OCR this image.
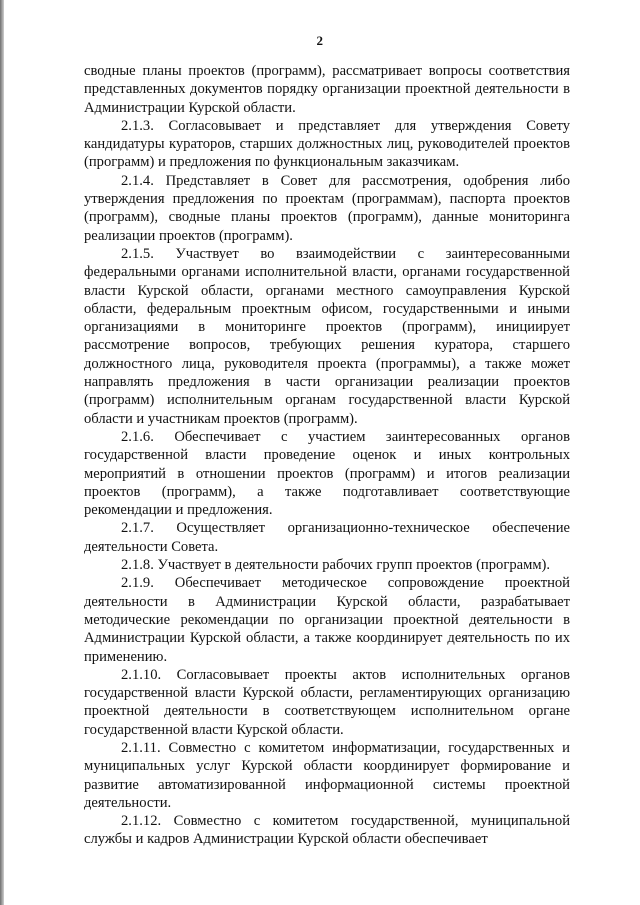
2

сводные планы проектов (программ), рассматривает вопросы соответствия представленных документов порядку организации проектной деятельности в Администрации Курской области.

2.1.3. Согласовывает и представляет для утверждения Совету кандидатуры кураторов, старших должностных лиц, руководителей проектов (программ) и предложения по функциональным заказчикам.

2.1.4. Представляет в Совет для рассмотрения, одобрения либо утверждения предложения по проектам (программам), паспорта проектов (программ), сводные планы проектов (программ), данные мониторинга реализации проектов (программ).

2.1.5. Участвует во взаимодействии с заинтересованными федеральными органами исполнительной власти, органами государственной власти Курской области, органами местного самоуправления Курской области, федеральным проектным офисом, государственными и иными организациями в мониторинге проектов (программ), инициирует рассмотрение вопросов, требующих решения куратора, старшего должностного лица, руководителя проекта (программы), а также может направлять предложения в части организации реализации проектов (программ) исполнительным органам государственной власти Курской области и участникам проектов (программ).

2.1.6. Обеспечивает с участием заинтересованных органов государственной власти проведение оценок и иных контрольных мероприятий в отношении проектов (программ) и итогов реализации проектов (программ), а также подготавливает соответствующие рекомендации и предложения.

2.1.7. Осуществляет организационно-техническое обеспечение деятельности Совета.

2.1.8. Участвует в деятельности рабочих групп проектов (программ).

2.1.9. Обеспечивает методическое сопровождение проектной деятельности в Администрации Курской области, разрабатывает методические рекомендации по организации проектной деятельности в Администрации Курской области, а также координирует деятельность по их применению.

2.1.10. Согласовывает проекты актов исполнительных органов государственной власти Курской области, регламентирующих организацию проектной деятельности в соответствующем исполнительном органе государственной власти Курской области.

2.1.11. Совместно с комитетом информатизации, государственных и муниципальных услуг Курской области координирует формирование и развитие автоматизированной информационной системы проектной деятельности.

2.1.12. Совместно с комитетом государственной, муниципальной службы и кадров Администрации Курской области обеспечивает
